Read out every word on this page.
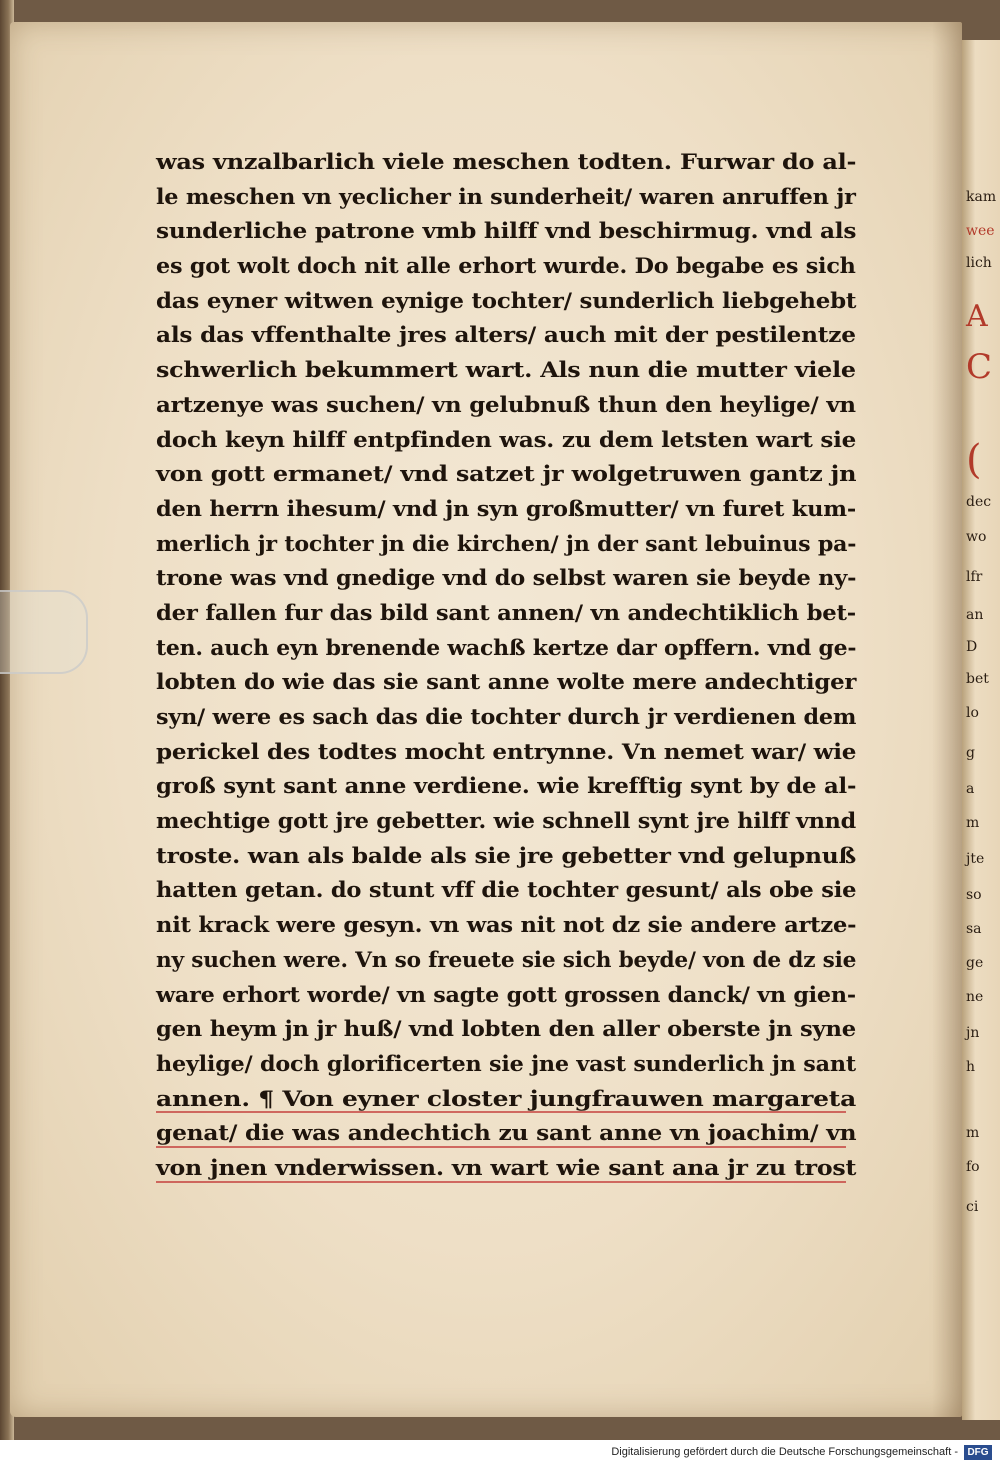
kam
wee
lich
A
C
(
dec
wo
lfr
an
D
bet
lo
g
a
m
jte
so
sa
ge
ne
jn
h
m
fo
ci
was vnzalbarlich viele meschen todten. Furwar do al-
le meschen vn yeclicher in sunderheit/ waren anruffen jr
sunderliche patrone vmb hilff vnd beschirmug. vnd als
es got wolt doch nit alle erhort wurde. Do begabe es sich
das eyner witwen eynige tochter/ sunderlich liebgehebt
als das vffenthalte jres alters/ auch mit der pestilentze
schwerlich bekummert wart. Als nun die mutter viele
artzenye was suchen/ vn gelubnuß thun den heylige/ vn
doch keyn hilff entpfinden was. zu dem letsten wart sie
von gott ermanet/ vnd satzet jr wolgetruwen gantz jn
den herrn ihesum/ vnd jn syn großmutter/ vn furet kum-
merlich jr tochter jn die kirchen/ jn der sant lebuinus pa-
trone was vnd gnedige vnd do selbst waren sie beyde ny-
der fallen fur das bild sant annen/ vn andechtiklich bet-
ten. auch eyn brenende wachß kertze dar opffern. vnd ge-
lobten do wie das sie sant anne wolte mere andechtiger
syn/ were es sach das die tochter durch jr verdienen dem
perickel des todtes mocht entrynne. Vn nemet war/ wie
groß synt sant anne verdiene. wie krefftig synt by de al-
mechtige gott jre gebetter. wie schnell synt jre hilff vnnd
troste. wan als balde als sie jre gebetter vnd gelupnuß
hatten getan. do stunt vff die tochter gesunt/ als obe sie
nit krack were gesyn. vn was nit not dz sie andere artze-
ny suchen were. Vn so freuete sie sich beyde/ von de dz sie
ware erhort worde/ vn sagte gott grossen danck/ vn gien-
gen heym jn jr huß/ vnd lobten den aller oberste jn syne
heylige/ doch glorificerten sie jne vast sunderlich jn sant
annen. ¶ Von eyner closter jungfrauwen margareta
genat/ die was andechtich zu sant anne vn joachim/ vn
von jnen vnderwissen. vn wart wie sant ana jr zu trost
Digitalisierung gefördert durch die Deutsche Forschungsgemeinschaft - DFG
